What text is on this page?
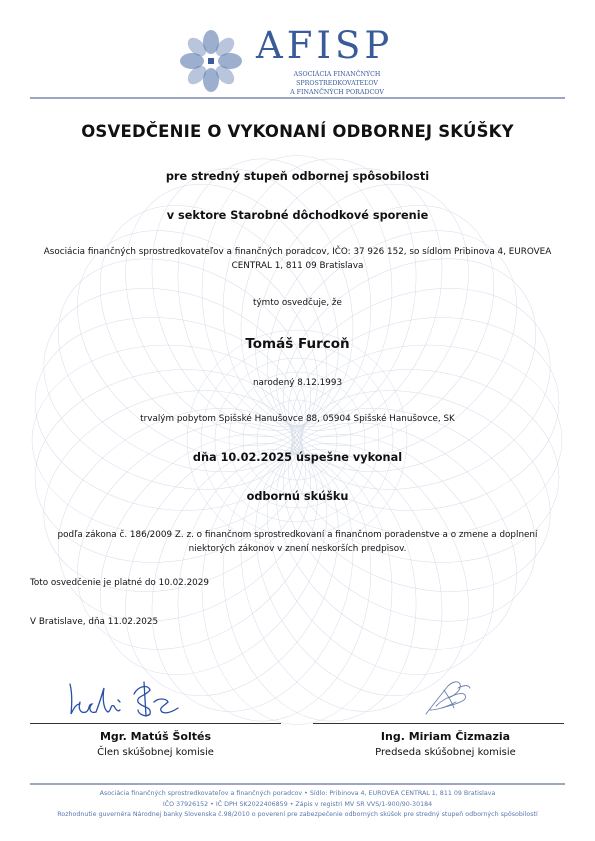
AFISP
ASOCIÁCIA FINANČNÝCH SPROSTREDKOVATEĽOV
A FINANČNÝCH PORADCOV
OSVEDČENIE O VYKONANÍ ODBORNEJ SKÚŠKY
pre stredný stupeň odbornej spôsobilosti
v sektore Starobné dôchodkové sporenie
Asociácia finančných sprostredkovateľov a finančných poradcov, IČO: 37 926 152, so sídlom Pribinova 4, EUROVEA CENTRAL 1, 811 09 Bratislava
týmto osvedčuje, že
Tomáš Furcoň
narodený 8.12.1993
trvalým pobytom Spišské Hanušovce 88, 05904 Spišské Hanušovce, SK
dňa 10.02.2025 úspešne vykonal
odbornú skúšku
podľa zákona č. 186/2009 Z. z. o finančnom sprostredkovaní a finančnom poradenstve a o zmene a doplnení niektorých zákonov v znení neskorších predpisov.
Toto osvedčenie je platné do 10.02.2029
V Bratislave, dňa 11.02.2025
Mgr. Matúš Šoltés
Člen skúšobnej komisie
Ing. Miriam Čizmazia
Predseda skúšobnej komisie
Asociácia finančných sprostredkovateľov a finančných poradcov • Sídlo: Pribinova 4, EUROVEA CENTRAL 1, 811 09 Bratislava
IČO 37926152 • IČ DPH SK2022406859 • Zápis v registri MV SR VVS/1-900/90-30184
Rozhodnutie guvernéra Národnej banky Slovenska č.98/2010 o poverení pre zabezpečenie odborných skúšok pre stredný stupeň odborných spôsobilostí
